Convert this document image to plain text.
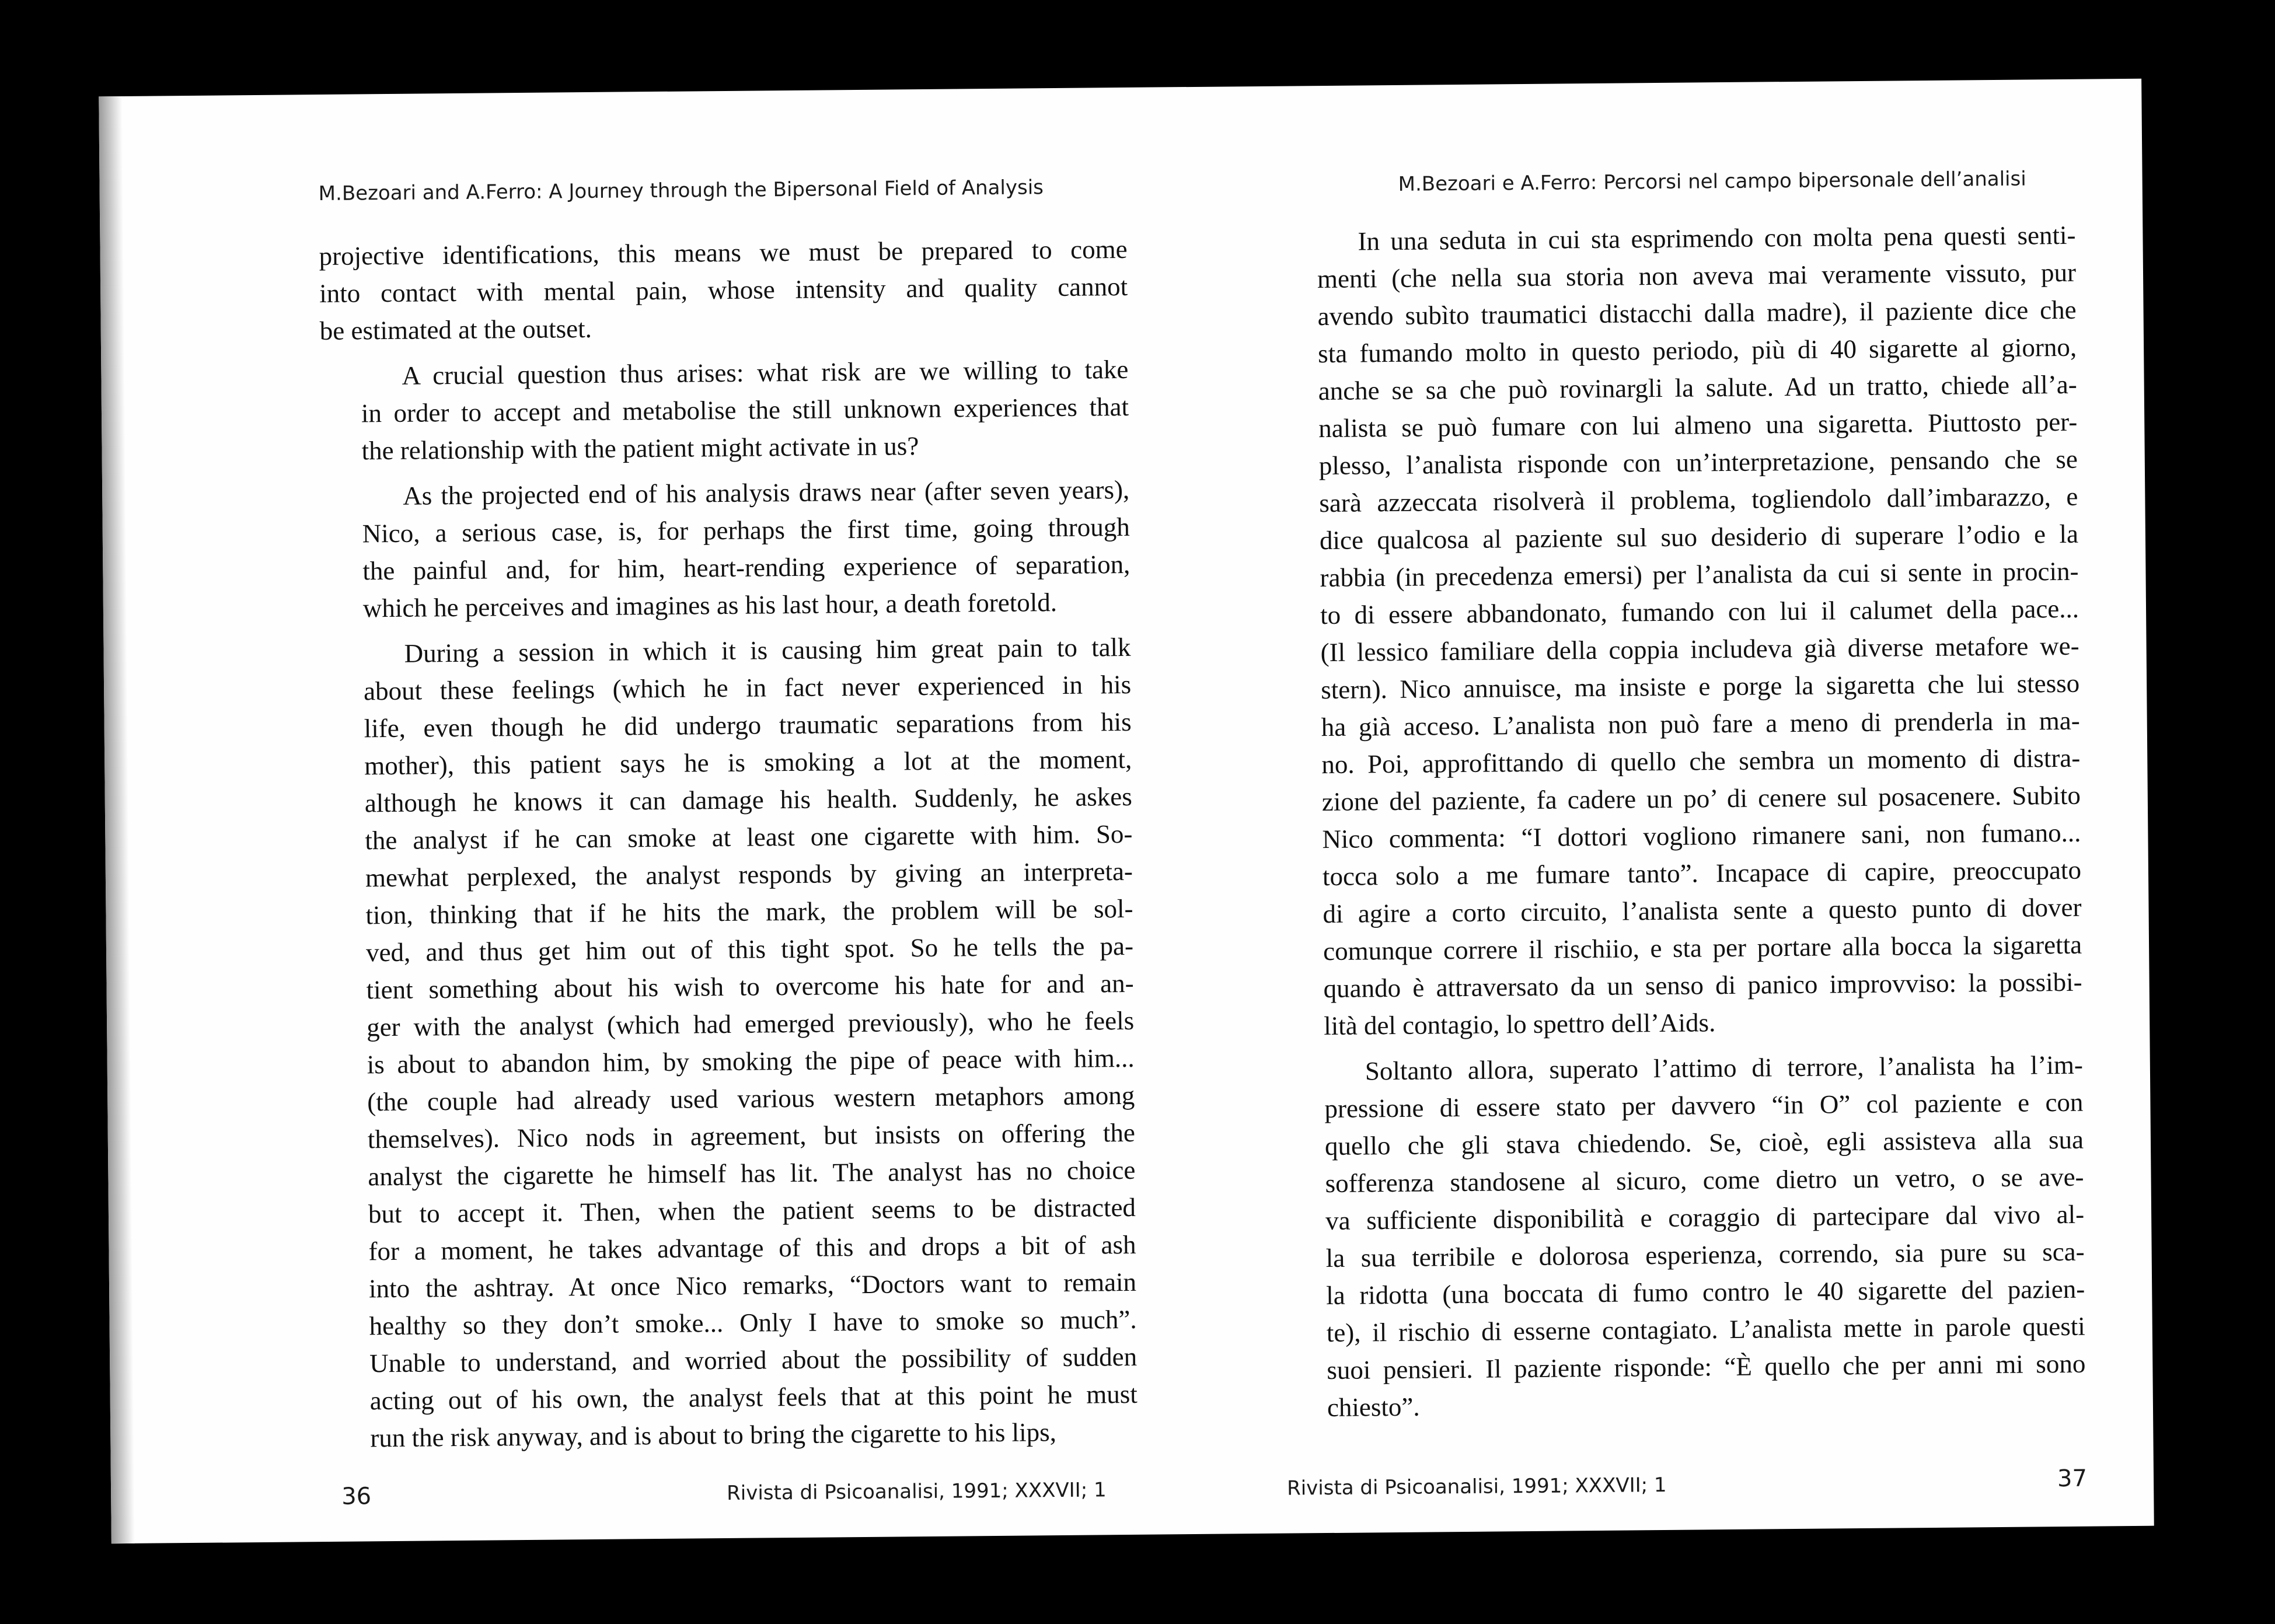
M.Bezoari and A.Ferro: A Journey through the Bipersonal Field of Analysis

projective identifications, this means we must be prepared to come
into contact with mental pain, whose intensity and quality cannot
be estimated at the outset.

A crucial question thus arises: what risk are we willing to take
in order to accept and metabolise the still unknown experiences that
the relationship with the patient might activate in us?

As the projected end of his analysis draws near (after seven years),
Nico, a serious case, is, for perhaps the first time, going through
the painful and, for him, heart-rending experience of separation,
which he perceives and imagines as his last hour, a death foretold.

During a session in which it is causing him great pain to talk
about these feelings (which he in fact never experienced in his
life, even though he did undergo traumatic separations from his
mother), this patient says he is smoking a lot at the moment,
although he knows it can damage his health. Suddenly, he askes
the analyst if he can smoke at least one cigarette with him. So-
mewhat perplexed, the analyst responds by giving an interpreta-
tion, thinking that if he hits the mark, the problem will be sol-
ved, and thus get him out of this tight spot. So he tells the pa-
tient something about his wish to overcome his hate for and an-
ger with the analyst (which had emerged previously), who he feels
is about to abandon him, by smoking the pipe of peace with him...
(the couple had already used various western metaphors among
themselves). Nico nods in agreement, but insists on offering the
analyst the cigarette he himself has lit. The analyst has no choice
but to accept it. Then, when the patient seems to be distracted
for a moment, he takes advantage of this and drops a bit of ash
into the ashtray. At once Nico remarks, “Doctors want to remain
healthy so they don’t smoke... Only I have to smoke so much”.
Unable to understand, and worried about the possibility of sudden
acting out of his own, the analyst feels that at this point he must
run the risk anyway, and is about to bring the cigarette to his lips,

36	Rivista di Psicoanalisi, 1991; XXXVII; 1
M.Bezoari e A.Ferro: Percorsi nel campo bipersonale dell’analisi

In una seduta in cui sta esprimendo con molta pena questi senti-
menti (che nella sua storia non aveva mai veramente vissuto, pur
avendo subìto traumatici distacchi dalla madre), il paziente dice che
sta fumando molto in questo periodo, più di 40 sigarette al giorno,
anche se sa che può rovinargli la salute. Ad un tratto, chiede all’a-
nalista se può fumare con lui almeno una sigaretta. Piuttosto per-
plesso, l’analista risponde con un’interpretazione, pensando che se
sarà azzeccata risolverà il problema, togliendolo dall’imbarazzo, e
dice qualcosa al paziente sul suo desiderio di superare l’odio e la
rabbia (in precedenza emersi) per l’analista da cui si sente in procin-
to di essere abbandonato, fumando con lui il calumet della pace...
(Il lessico familiare della coppia includeva già diverse metafore we-
stern). Nico annuisce, ma insiste e porge la sigaretta che lui stesso
ha già acceso. L’analista non può fare a meno di prenderla in ma-
no. Poi, approfittando di quello che sembra un momento di distra-
zione del paziente, fa cadere un po’ di cenere sul posacenere. Subito
Nico commenta: “I dottori vogliono rimanere sani, non fumano...
tocca solo a me fumare tanto”. Incapace di capire, preoccupato
di agire a corto circuito, l’analista sente a questo punto di dover
comunque correre il rischiio, e sta per portare alla bocca la sigaretta
quando è attraversato da un senso di panico improvviso: la possibi-
lità del contagio, lo spettro dell’Aids.

Soltanto allora, superato l’attimo di terrore, l’analista ha l’im-
pressione di essere stato per davvero “in O” col paziente e con
quello che gli stava chiedendo. Se, cioè, egli assisteva alla sua
sofferenza standosene al sicuro, come dietro un vetro, o se ave-
va sufficiente disponibilità e coraggio di partecipare dal vivo al-
la sua terribile e dolorosa esperienza, correndo, sia pure su sca-
la ridotta (una boccata di fumo contro le 40 sigarette del pazien-
te), il rischio di esserne contagiato. L’analista mette in parole questi
suoi pensieri. Il paziente risponde: “È quello che per anni mi sono
chiesto”.

Rivista di Psicoanalisi, 1991; XXXVII; 1	37
